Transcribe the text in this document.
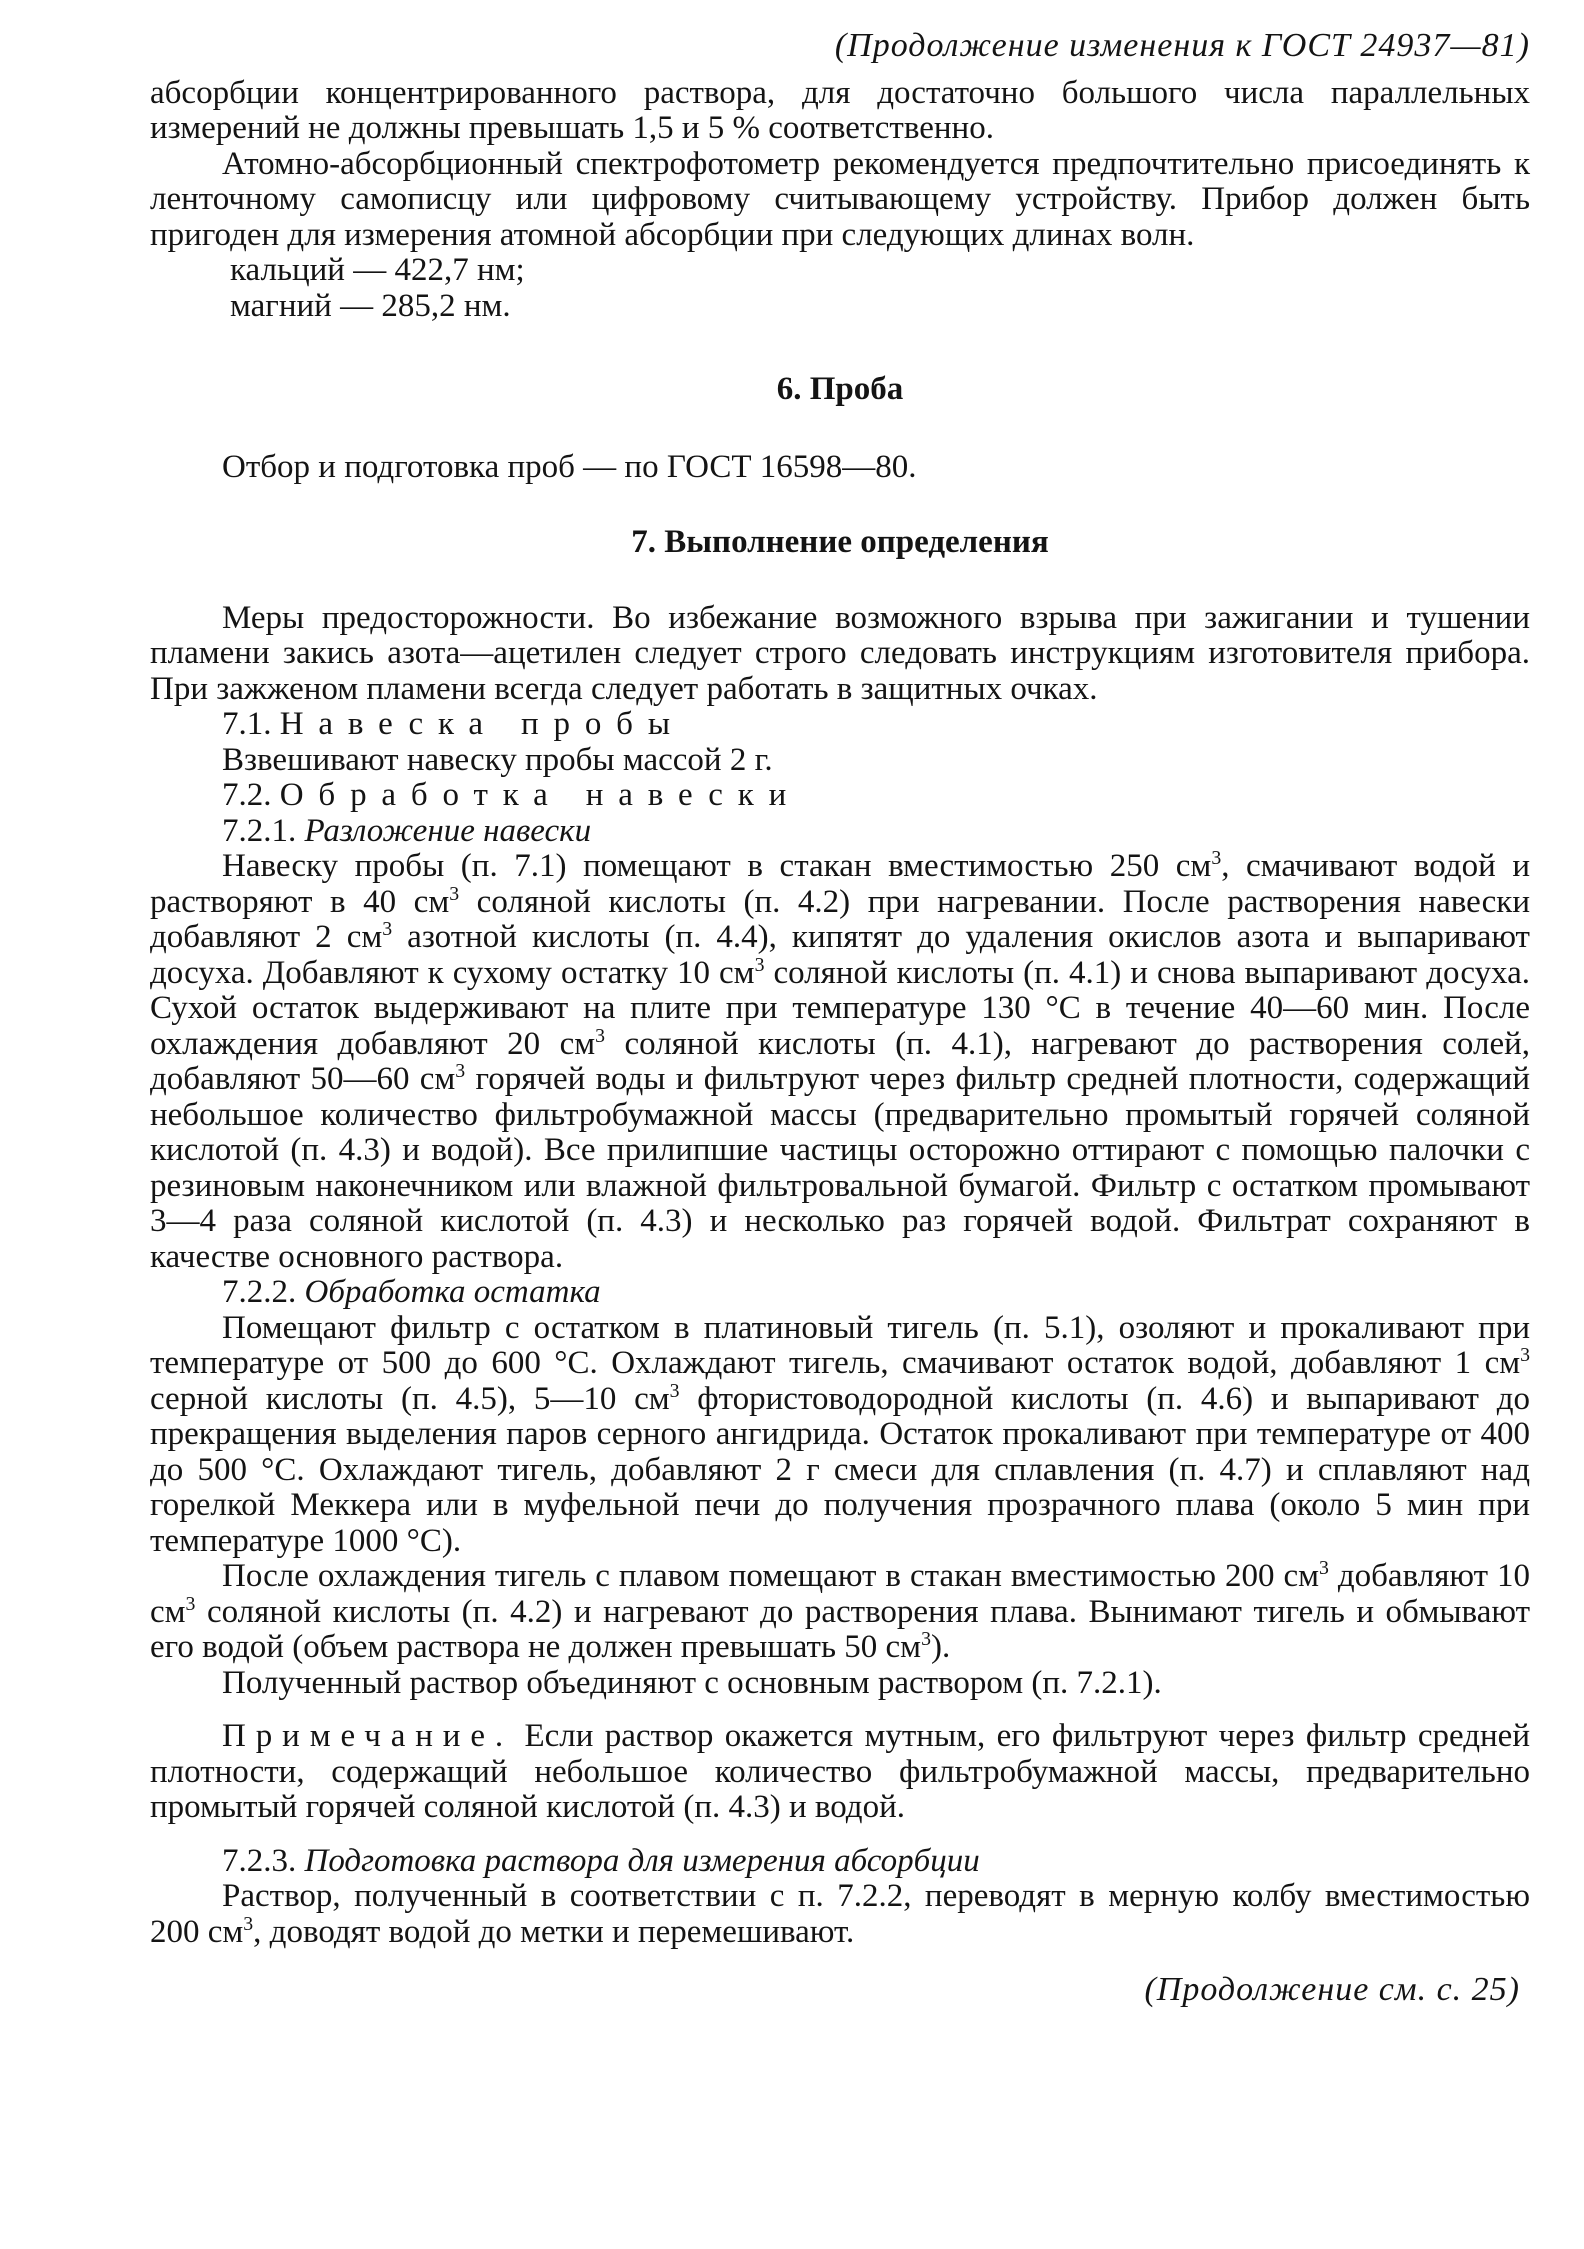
(Продолжение изменения к ГОСТ 24937—81)

абсорбции концентрированного раствора, для достаточно большого числа параллельных измерений не должны превышать 1,5 и 5 % соответственно.

Атомно-абсорбционный спектрофотометр рекомендуется предпочтительно присоединять к ленточному самописцу или цифровому считывающему устройству. Прибор должен быть пригоден для измерения атомной абсорбции при следующих длинах волн.

кальций — 422,7 нм;

магний — 285,2 нм.

6. Проба

Отбор и подготовка проб — по ГОСТ 16598—80.

7. Выполнение определения

Меры предосторожности. Во избежание возможного взрыва при зажигании и тушении пламени закись азота—ацетилен следует строго следовать инструкциям изготовителя прибора. При зажженом пламени всегда следует работать в защитных очках.

7.1. Навеска пробы

Взвешивают навеску пробы массой 2 г.

7.2. Обработка навески

7.2.1. Разложение навески

Навеску пробы (п. 7.1) помещают в стакан вместимостью 250 $см^3$, смачивают водой и растворяют в 40 $см^3$ соляной кислоты (п. 4.2) при нагревании. После растворения навески добавляют 2 $см^3$ азотной кислоты (п. 4.4), кипятят до удаления окислов азота и выпаривают досуха. Добавляют к сухому остатку 10 $см^3$ соляной кислоты (п. 4.1) и снова выпаривают досуха. Сухой остаток выдерживают на плите при температуре 130 °C в течение 40—60 мин. После охлаждения добавляют 20 $см^3$ соляной кислоты (п. 4.1), нагревают до растворения солей, добавляют 50—60 $см^3$ горячей воды и фильтруют через фильтр средней плотности, содержащий небольшое количество фильтробумажной массы (предварительно промытый горячей соляной кислотой (п. 4.3) и водой). Все прилипшие частицы осторожно оттирают с помощью палочки с резиновым наконечником или влажной фильтровальной бумагой. Фильтр с остатком промывают 3—4 раза соляной кислотой (п. 4.3) и несколько раз горячей водой. Фильтрат сохраняют в качестве основного раствора.

7.2.2. Обработка остатка

Помещают фильтр с остатком в платиновый тигель (п. 5.1), озоляют и прокаливают при температуре от 500 до 600 °C. Охлаждают тигель, смачивают остаток водой, добавляют 1 $см^3$ серной кислоты (п. 4.5), 5—10 $см^3$ фтористоводородной кислоты (п. 4.6) и выпаривают до прекращения выделения паров серного ангидрида. Остаток прокаливают при температуре от 400 до 500 °C. Охлаждают тигель, добавляют 2 г смеси для сплавления (п. 4.7) и сплавляют над горелкой Меккера или в муфельной печи до получения прозрачного плава (около 5 мин при температуре 1000 °C).

После охлаждения тигель с плавом помещают в стакан вместимостью 200 $см^3$ добавляют 10 $см^3$ соляной кислоты (п. 4.2) и нагревают до растворения плава. Вынимают тигель и обмывают его водой (объем раствора не должен превышать 50 $см^3$).

Полученный раствор объединяют с основным раствором (п. 7.2.1).

Примечание. Если раствор окажется мутным, его фильтруют через фильтр средней плотности, содержащий небольшое количество фильтробумажной массы, предварительно промытый горячей соляной кислотой (п. 4.3) и водой.

7.2.3. Подготовка раствора для измерения абсорбции

Раствор, полученный в соответствии с п. 7.2.2, переводят в мерную колбу вместимостью 200 $см^3$, доводят водой до метки и перемешивают.

(Продолжение см. с. 25)
